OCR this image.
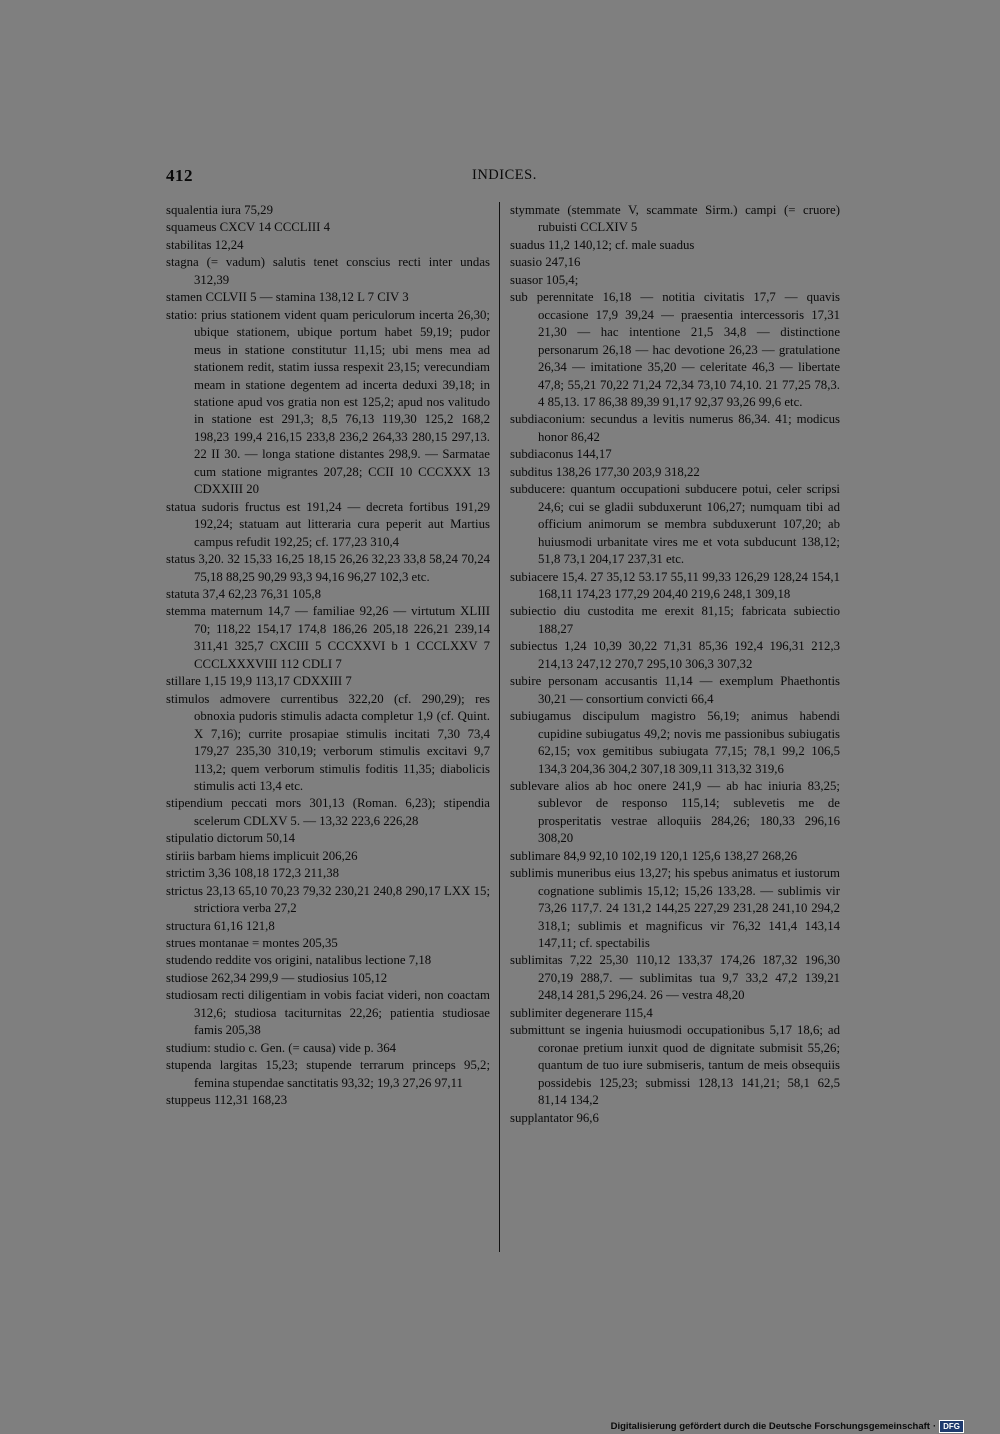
412	INDICES.

squalentia iura 75,29

squameus CXCV 14 CCCLIII 4

stabilitas 12,24

stagna (= vadum) salutis tenet conscius recti inter undas 312,39

stamen CCLVII 5 — stamina 138,12 L 7 CIV 3

statio: prius stationem vident quam periculorum incerta 26,30; ubique stationem, ubique portum habet 59,19; pudor meus in statione constitutur 11,15; ubi mens mea ad stationem redit, statim iussa respexit 23,15; verecundiam meam in statione degentem ad incerta deduxi 39,18; in statione apud vos gratia non est 125,2; apud nos valitudo in statione est 291,3; 8,5 76,13 119,30 125,2 168,2 198,23 199,4 216,15 233,8 236,2 264,33 280,15 297,13. 22 II 30. — longa statione distantes 298,9. — Sarmatae cum statione migrantes 207,28; CCII 10 CCCXXX 13 CDXXIII 20

statua sudoris fructus est 191,24 — decreta fortibus 191,29 192,24; statuam aut litteraria cura peperit aut Martius campus refudit 192,25; cf. 177,23 310,4

status 3,20. 32 15,33 16,25 18,15 26,26 32,23 33,8 58,24 70,24 75,18 88,25 90,29 93,3 94,16 96,27 102,3 etc.

statuta 37,4 62,23 76,31 105,8

stemma maternum 14,7 — familiae 92,26 — virtutum XLIII 70; 118,22 154,17 174,8 186,26 205,18 226,21 239,14 311,41 325,7 CXCIII 5 CCCXXVI b 1 CCCLXXV 7 CCCLXXXVIII 112 CDLI 7

stillare 1,15 19,9 113,17 CDXXIII 7

stimulos admovere currentibus 322,20 (cf. 290,29); res obnoxia pudoris stimulis adacta completur 1,9 (cf. Quint. X 7,16); currite prosapiae stimulis incitati 7,30 73,4 179,27 235,30 310,19; verborum stimulis excitavi 9,7 113,2; quem verborum stimulis foditis 11,35; diabolicis stimulis acti 13,4 etc.

stipendium peccati mors 301,13 (Roman. 6,23); stipendia scelerum CDLXV 5. — 13,32 223,6 226,28

stipulatio dictorum 50,14

stiriis barbam hiems implicuit 206,26

strictim 3,36 108,18 172,3 211,38

strictus 23,13 65,10 70,23 79,32 230,21 240,8 290,17 LXX 15; strictiora verba 27,2

structura 61,16 121,8

strues montanae = montes 205,35

studendo reddite vos origini, natalibus lectione 7,18

studiose 262,34 299,9 — studiosius 105,12

studiosam recti diligentiam in vobis faciat videri, non coactam 312,6; studiosa taciturnitas 22,26; patientia studiosae famis 205,38

studium: studio c. Gen. (= causa) vide p. 364

stupenda largitas 15,23; stupende terrarum princeps 95,2; femina stupendae sanctitatis 93,32; 19,3 27,26 97,11

stuppeus 112,31 168,23

stymmate (stemmate V, scammate Sirm.) campi (= cruore) rubuisti CCLXIV 5

suadus 11,2 140,12; cf. male suadus

suasio 247,16

suasor 105,4;

sub perennitate 16,18 — notitia civitatis 17,7 — quavis occasione 17,9 39,24 — praesentia intercessoris 17,31 21,30 — hac intentione 21,5 34,8 — distinctione personarum 26,18 — hac devotione 26,23 — gratulatione 26,34 — imitatione 35,20 — celeritate 46,3 — libertate 47,8; 55,21 70,22 71,24 72,34 73,10 74,10. 21 77,25 78,3. 4 85,13. 17 86,38 89,39 91,17 92,37 93,26 99,6 etc.

subdiaconium: secundus a levitis numerus 86,34. 41; modicus honor 86,42

subdiaconus 144,17

subditus 138,26 177,30 203,9 318,22

subducere: quantum occupationi subducere potui, celer scripsi 24,6; cui se gladii subduxerunt 106,27; numquam tibi ad officium animorum se membra subduxerunt 107,20; ab huiusmodi urbanitate vires me et vota subducunt 138,12; 51,8 73,1 204,17 237,31 etc.

subiacere 15,4. 27 35,12 53.17 55,11 99,33 126,29 128,24 154,1 168,11 174,23 177,29 204,40 219,6 248,1 309,18

subiectio diu custodita me erexit 81,15; fabricata subiectio 188,27

subiectus 1,24 10,39 30,22 71,31 85,36 192,4 196,31 212,3 214,13 247,12 270,7 295,10 306,3 307,32

subire personam accusantis 11,14 — exemplum Phaethontis 30,21 — consortium convicti 66,4

subiugamus discipulum magistro 56,19; animus habendi cupidine subiugatus 49,2; novis me passionibus subiugatis 62,15; vox gemitibus subiugata 77,15; 78,1 99,2 106,5 134,3 204,36 304,2 307,18 309,11 313,32 319,6

sublevare alios ab hoc onere 241,9 — ab hac iniuria 83,25; sublevor de responso 115,14; sublevetis me de prosperitatis vestrae alloquiis 284,26; 180,33 296,16 308,20

sublimare 84,9 92,10 102,19 120,1 125,6 138,27 268,26

sublimis muneribus eius 13,27; his spebus animatus et iustorum cognatione sublimis 15,12; 15,26 133,28. — sublimis vir 73,26 117,7. 24 131,2 144,25 227,29 231,28 241,10 294,2 318,1; sublimis et magnificus vir 76,32 141,4 143,14 147,11; cf. spectabilis

sublimitas 7,22 25,30 110,12 133,37 174,26 187,32 196,30 270,19 288,7. — sublimitas tua 9,7 33,2 47,2 139,21 248,14 281,5 296,24. 26 — vestra 48,20

sublimiter degenerare 115,4

submittunt se ingenia huiusmodi occupationibus 5,17 18,6; ad coronae pretium iunxit quod de dignitate submisit 55,26; quantum de tuo iure submiseris, tantum de meis obsequiis possidebis 125,23; submissi 128,13 141,21; 58,1 62,5 81,14 134,2

supplantator 96,6

Digitalisierung gefördert durch die Deutsche Forschungsgemeinschaft · DFG
